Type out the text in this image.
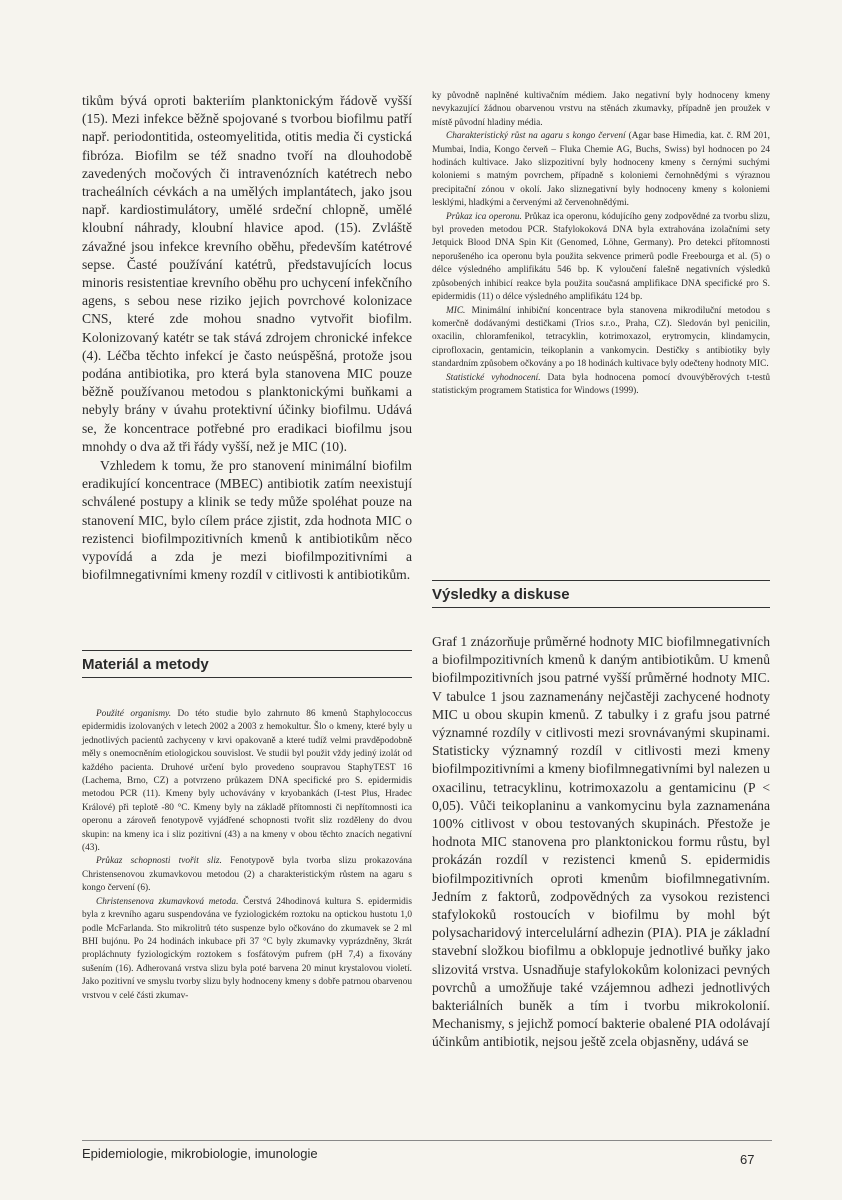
tikům bývá oproti bakteriím planktonickým řádově vyšší (15). Mezi infekce běžně spojované s tvorbou biofilmu patří např. periodontitida, osteomyelitida, otitis media či cystická fibróza. Biofilm se též snadno tvoří na dlouhodobě zavedených močových či intravenózních katétrech nebo tracheálních cévkách a na umělých implantátech, jako jsou např. kardiostimulátory, umělé srdeční chlopně, umělé kloubní náhrady, kloubní hlavice apod. (15). Zvláště závažné jsou infekce krevního oběhu, především katétrové sepse. Časté používání katétrů, představujících locus minoris resistentiae krevního oběhu pro uchycení infekčního agens, s sebou nese riziko jejich povrchové kolonizace CNS, které zde mohou snadno vytvořit biofilm. Kolonizovaný katétr se tak stává zdrojem chronické infekce (4). Léčba těchto infekcí je často neúspěšná, protože jsou podána antibiotika, pro která byla stanovena MIC pouze běžně používanou metodou s planktonickými buňkami a nebyly brány v úvahu protektivní účinky biofilmu. Udává se, že koncentrace potřebné pro eradikaci biofilmu jsou mnohdy o dva až tři řády vyšší, než je MIC (10).

Vzhledem k tomu, že pro stanovení minimální biofilm eradikující koncentrace (MBEC) antibiotik zatím neexistují schválené postupy a klinik se tedy může spoléhat pouze na stanovení MIC, bylo cílem práce zjistit, zda hodnota MIC o rezistenci biofilmpozitivních kmenů k antibiotikům něco vypovídá a zda je mezi biofilmpozitivními a biofilmnegativními kmeny rozdíl v citlivosti k antibiotikům.

Materiál a metody

Použité organismy. Do této studie bylo zahrnuto 86 kmenů Staphylococcus epidermidis izolovaných v letech 2002 a 2003 z hemokultur. Šlo o kmeny, které byly u jednotlivých pacientů zachyceny v krvi opakovaně a které tudíž velmi pravděpodobně měly s onemocněním etiologickou souvislost. Ve studii byl použit vždy jediný izolát od každého pacienta. Druhové určení bylo provedeno soupravou StaphyTEST 16 (Lachema, Brno, CZ) a potvrzeno průkazem DNA specifické pro S. epidermidis metodou PCR (11). Kmeny byly uchovávány v kryobankách (I-test Plus, Hradec Králové) při teplotě -80 °C. Kmeny byly na základě přítomnosti či nepřítomnosti ica operonu a zároveň fenotypově vyjádřené schopnosti tvořit sliz rozděleny do dvou skupin: na kmeny ica i sliz pozitivní (43) a na kmeny v obou těchto znacích negativní (43).

Průkaz schopnosti tvořit sliz. Fenotypově byla tvorba slizu prokazována Christensenovou zkumavkovou metodou (2) a charakteristickým růstem na agaru s kongo červení (6).

Christensenova zkumavková metoda. Čerstvá 24hodinová kultura S. epidermidis byla z krevního agaru suspendována ve fyziologickém roztoku na optickou hustotu 1,0 podle McFarlanda. Sto mikrolitrů této suspenze bylo očkováno do zkumavek se 2 ml BHI bujónu. Po 24 hodinách inkubace při 37 °C byly zkumavky vyprázdněny, 3krát propláchnuty fyziologickým roztokem s fosfátovým pufrem (pH 7,4) a fixovány sušením (16). Adherovaná vrstva slizu byla poté barvena 20 minut krystalovou violetí. Jako pozitivní ve smyslu tvorby slizu byly hodnoceny kmeny s dobře patrnou obarvenou vrstvou v celé části zkumav-

ky původně naplněné kultivačním médiem. Jako negativní byly hodnoceny kmeny nevykazující žádnou obarvenou vrstvu na stěnách zkumavky, případně jen proužek v místě původní hladiny média.

Charakteristický růst na agaru s kongo červení (Agar base Himedia, kat. č. RM 201, Mumbai, India, Kongo červeň – Fluka Chemie AG, Buchs, Swiss) byl hodnocen po 24 hodinách kultivace. Jako slizpozitivní byly hodnoceny kmeny s černými suchými koloniemi s matným povrchem, případně s koloniemi černohnědými s výraznou precipitační zónou v okolí. Jako sliznegativní byly hodnoceny kmeny s koloniemi lesklými, hladkými a červenými až červenohnědými.

Průkaz ica operonu. Průkaz ica operonu, kódujícího geny zodpovědné za tvorbu slizu, byl proveden metodou PCR. Stafylokoková DNA byla extrahována izolačními sety Jetquick Blood DNA Spin Kit (Genomed, Löhne, Germany). Pro detekci přítomnosti neporušeného ica operonu byla použita sekvence primerů podle Freebourga et al. (5) o délce výsledného amplifikátu 546 bp. K vyloučení falešně negativních výsledků způsobených inhibicí reakce byla použita současná amplifikace DNA specifické pro S. epidermidis (11) o délce výsledného amplifikátu 124 bp.

MIC. Minimální inhibiční koncentrace byla stanovena mikrodiluční metodou s komerčně dodávanými destičkami (Trios s.r.o., Praha, CZ). Sledován byl penicilin, oxacilin, chloramfenikol, tetracyklin, kotrimoxazol, erytromycin, klindamycin, ciprofloxacin, gentamicin, teikoplanin a vankomycin. Destičky s antibiotiky byly standardním způsobem očkovány a po 18 hodinách kultivace byly odečteny hodnoty MIC.

Statistické vyhodnocení. Data byla hodnocena pomocí dvouvýběrových t-testů statistickým programem Statistica for Windows (1999).

Výsledky a diskuse

Graf 1 znázorňuje průměrné hodnoty MIC biofilmnegativních a biofilmpozitivních kmenů k daným antibiotikům. U kmenů biofilmpozitivních jsou patrné vyšší průměrné hodnoty MIC. V tabulce 1 jsou zaznamenány nejčastěji zachycené hodnoty MIC u obou skupin kmenů. Z tabulky i z grafu jsou patrné významné rozdíly v citlivosti mezi srovnávanými skupinami. Statisticky významný rozdíl v citlivosti mezi kmeny biofilmpozitivními a kmeny biofilmnegativními byl nalezen u oxacilinu, tetracyklinu, kotrimoxazolu a gentamicinu (P < 0,05). Vůči teikoplaninu a vankomycinu byla zaznamenána 100% citlivost v obou testovaných skupinách. Přestože je hodnota MIC stanovena pro planktonickou formu růstu, byl prokázán rozdíl v rezistenci kmenů S. epidermidis biofilmpozitivních oproti kmenům biofilmnegativním. Jedním z faktorů, zodpovědných za vysokou rezistenci stafylokoků rostoucích v biofilmu by mohl být polysacharidový intercelulární adhezin (PIA). PIA je základní stavební složkou biofilmu a obklopuje jednotlivé buňky jako slizovitá vrstva. Usnadňuje stafylokokům kolonizaci pevných povrchů a umožňuje také vzájemnou adhezi jednotlivých bakteriálních buněk a tím i tvorbu mikrokolonií. Mechanismy, s jejichž pomocí bakterie obalené PIA odolávají účinkům antibiotik, nejsou ještě zcela objasněny, udává se

Epidemiologie, mikrobiologie, imunologie	67
